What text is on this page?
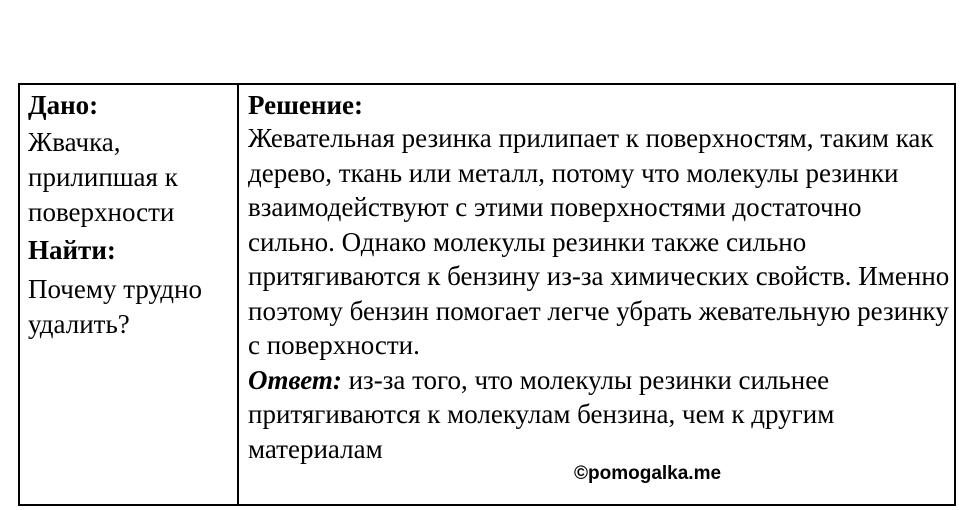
Дано:
Жвачка, прилипшая к поверхности
Найти:
Почему трудно удалить?
Решение:

Жевательная резинка прилипает к поверхностям, таким как дерево, ткань или металл, потому что молекулы резинки взаимодействуют с этими поверхностями достаточно сильно. Однако молекулы резинки также сильно притягиваются к бензину из-за химических свойств. Именно поэтому бензин помогает легче убрать жевательную резинку с поверхности.

Ответ: из-за того, что молекулы резинки сильнее притягиваются к молекулам бензина, чем к другим материалам

©pomogalka.me
